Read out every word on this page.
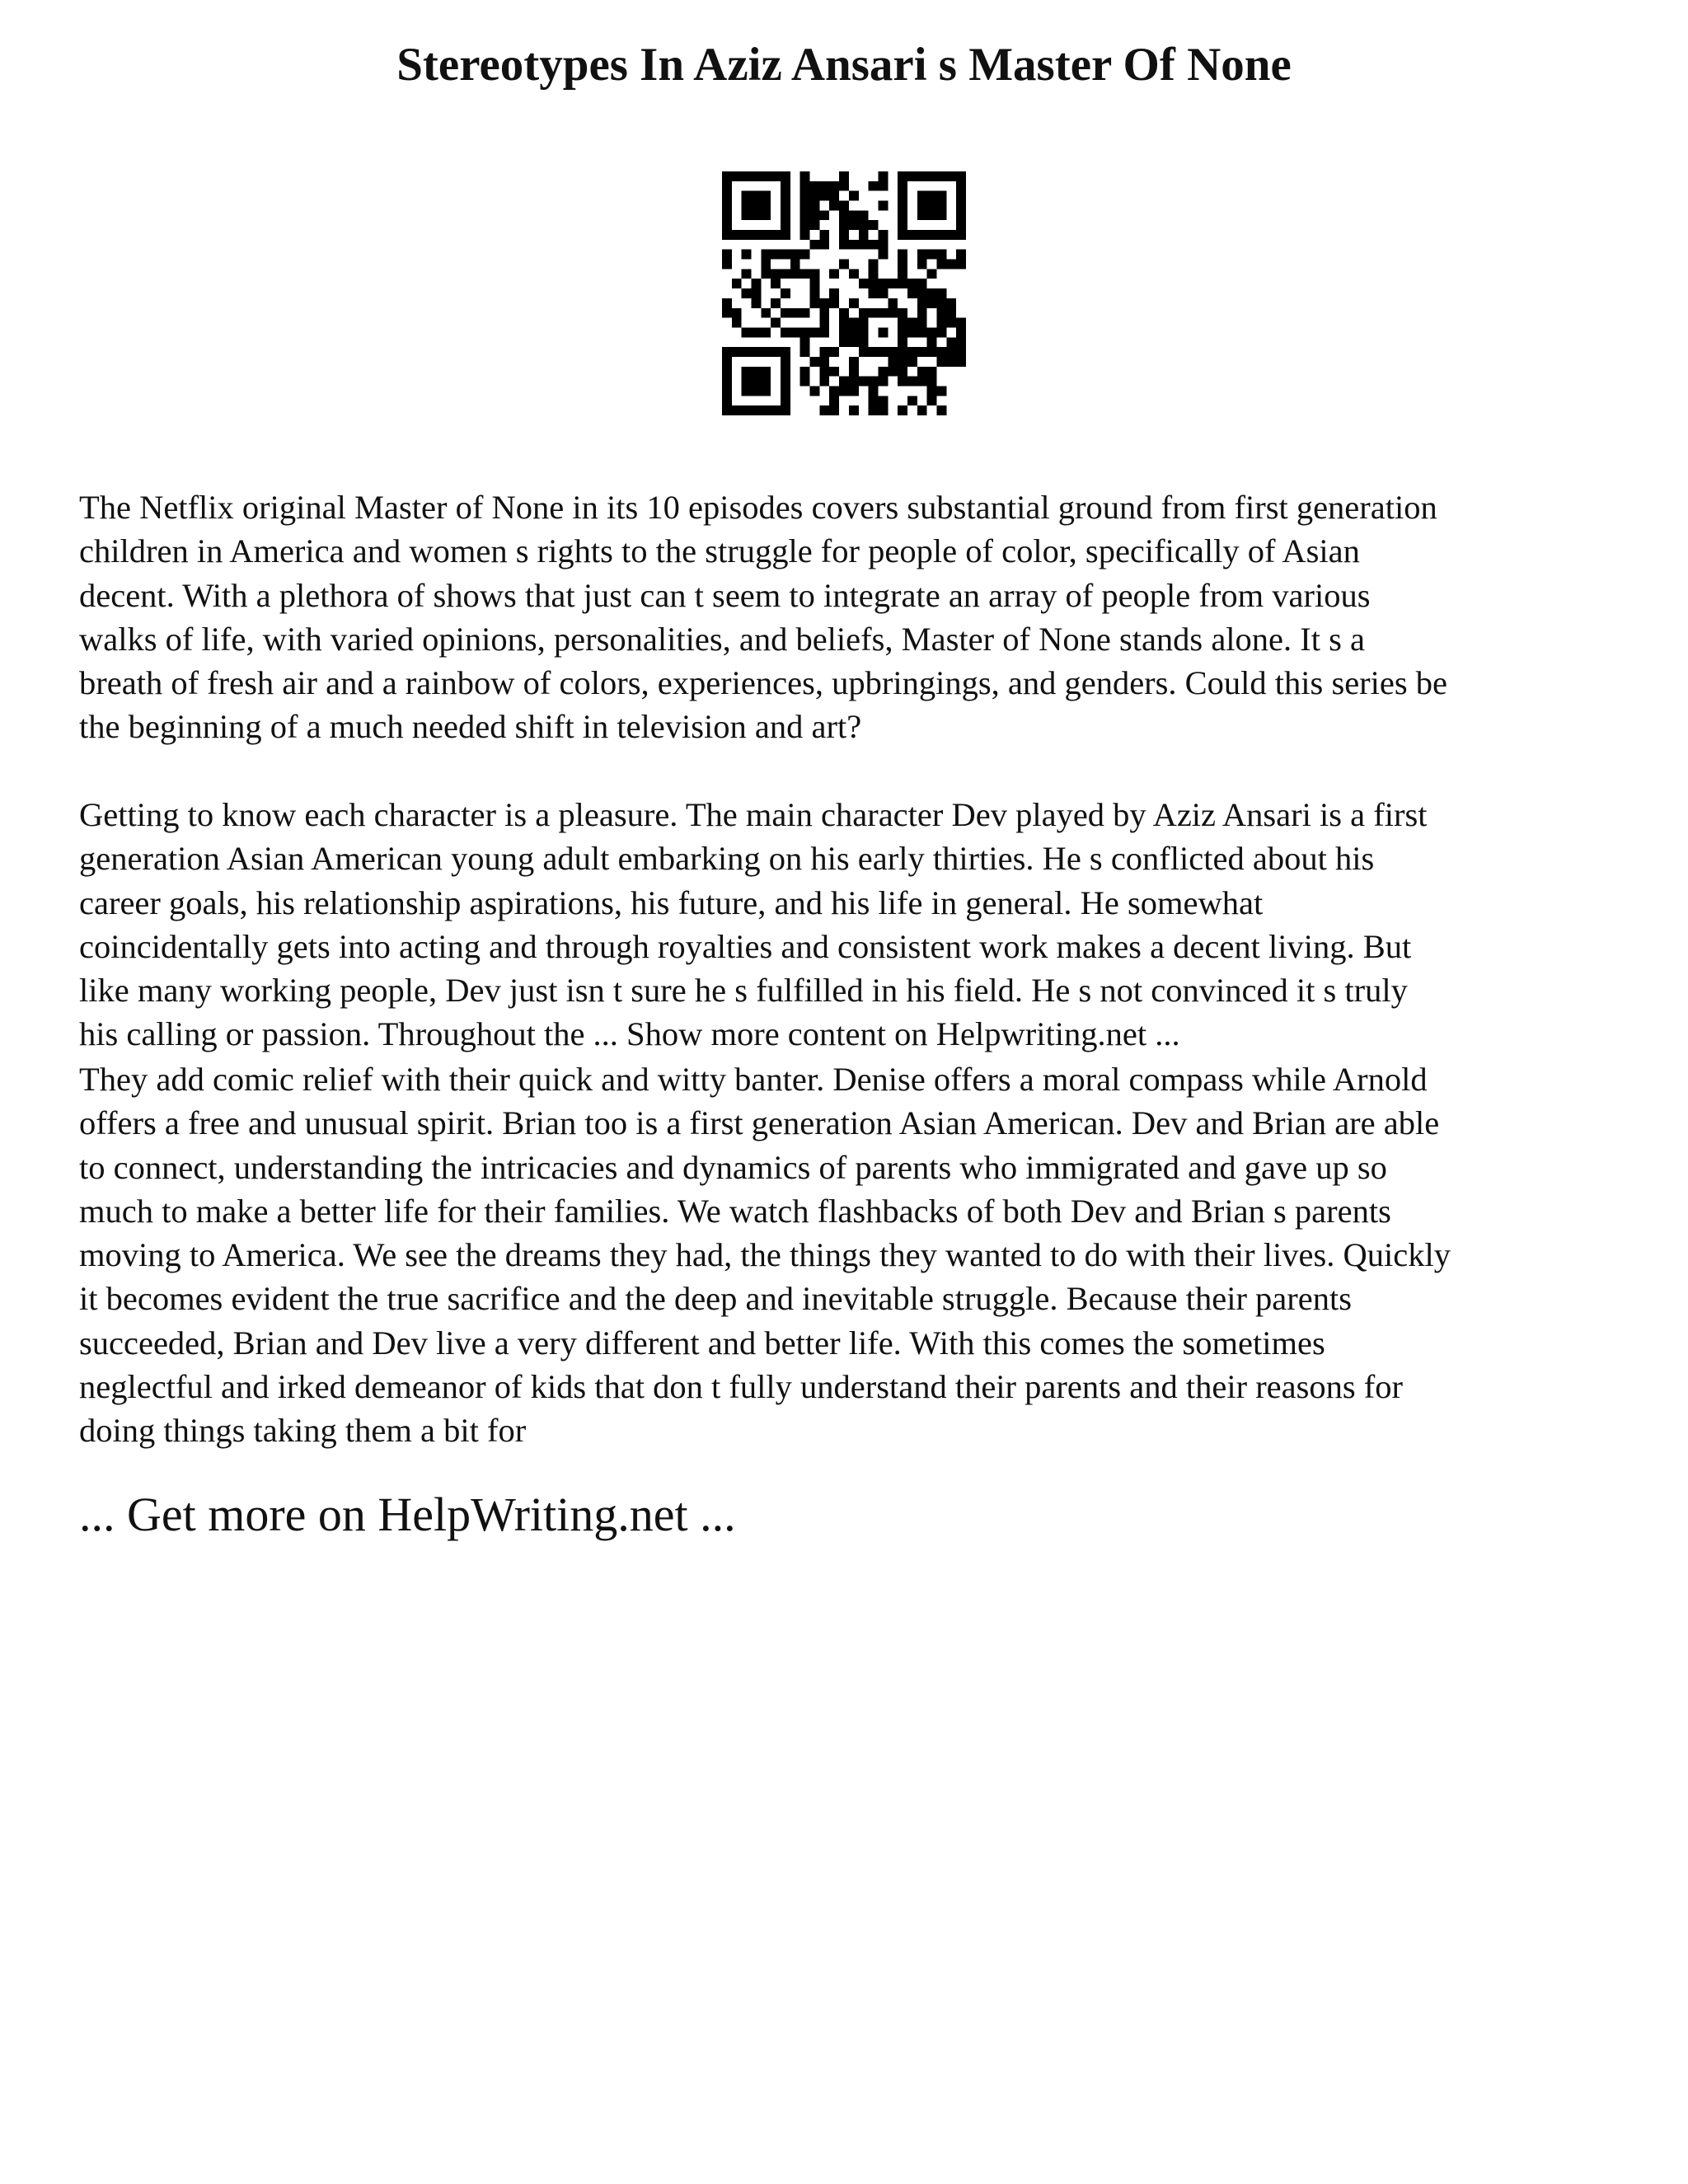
Stereotypes In Aziz Ansari s Master Of None

The Netflix original Master of None in its 10 episodes covers substantial ground from first generation
children in America and women s rights to the struggle for people of color, specifically of Asian
decent. With a plethora of shows that just can t seem to integrate an array of people from various
walks of life, with varied opinions, personalities, and beliefs, Master of None stands alone. It s a
breath of fresh air and a rainbow of colors, experiences, upbringings, and genders. Could this series be
the beginning of a much needed shift in television and art?

Getting to know each character is a pleasure. The main character Dev played by Aziz Ansari is a first
generation Asian American young adult embarking on his early thirties. He s conflicted about his
career goals, his relationship aspirations, his future, and his life in general. He somewhat
coincidentally gets into acting and through royalties and consistent work makes a decent living. But
like many working people, Dev just isn t sure he s fulfilled in his field. He s not convinced it s truly
his calling or passion. Throughout the ... Show more content on Helpwriting.net ...

They add comic relief with their quick and witty banter. Denise offers a moral compass while Arnold
offers a free and unusual spirit. Brian too is a first generation Asian American. Dev and Brian are able
to connect, understanding the intricacies and dynamics of parents who immigrated and gave up so
much to make a better life for their families. We watch flashbacks of both Dev and Brian s parents
moving to America. We see the dreams they had, the things they wanted to do with their lives. Quickly
it becomes evident the true sacrifice and the deep and inevitable struggle. Because their parents
succeeded, Brian and Dev live a very different and better life. With this comes the sometimes
neglectful and irked demeanor of kids that don t fully understand their parents and their reasons for
doing things taking them a bit for

... Get more on HelpWriting.net ...
